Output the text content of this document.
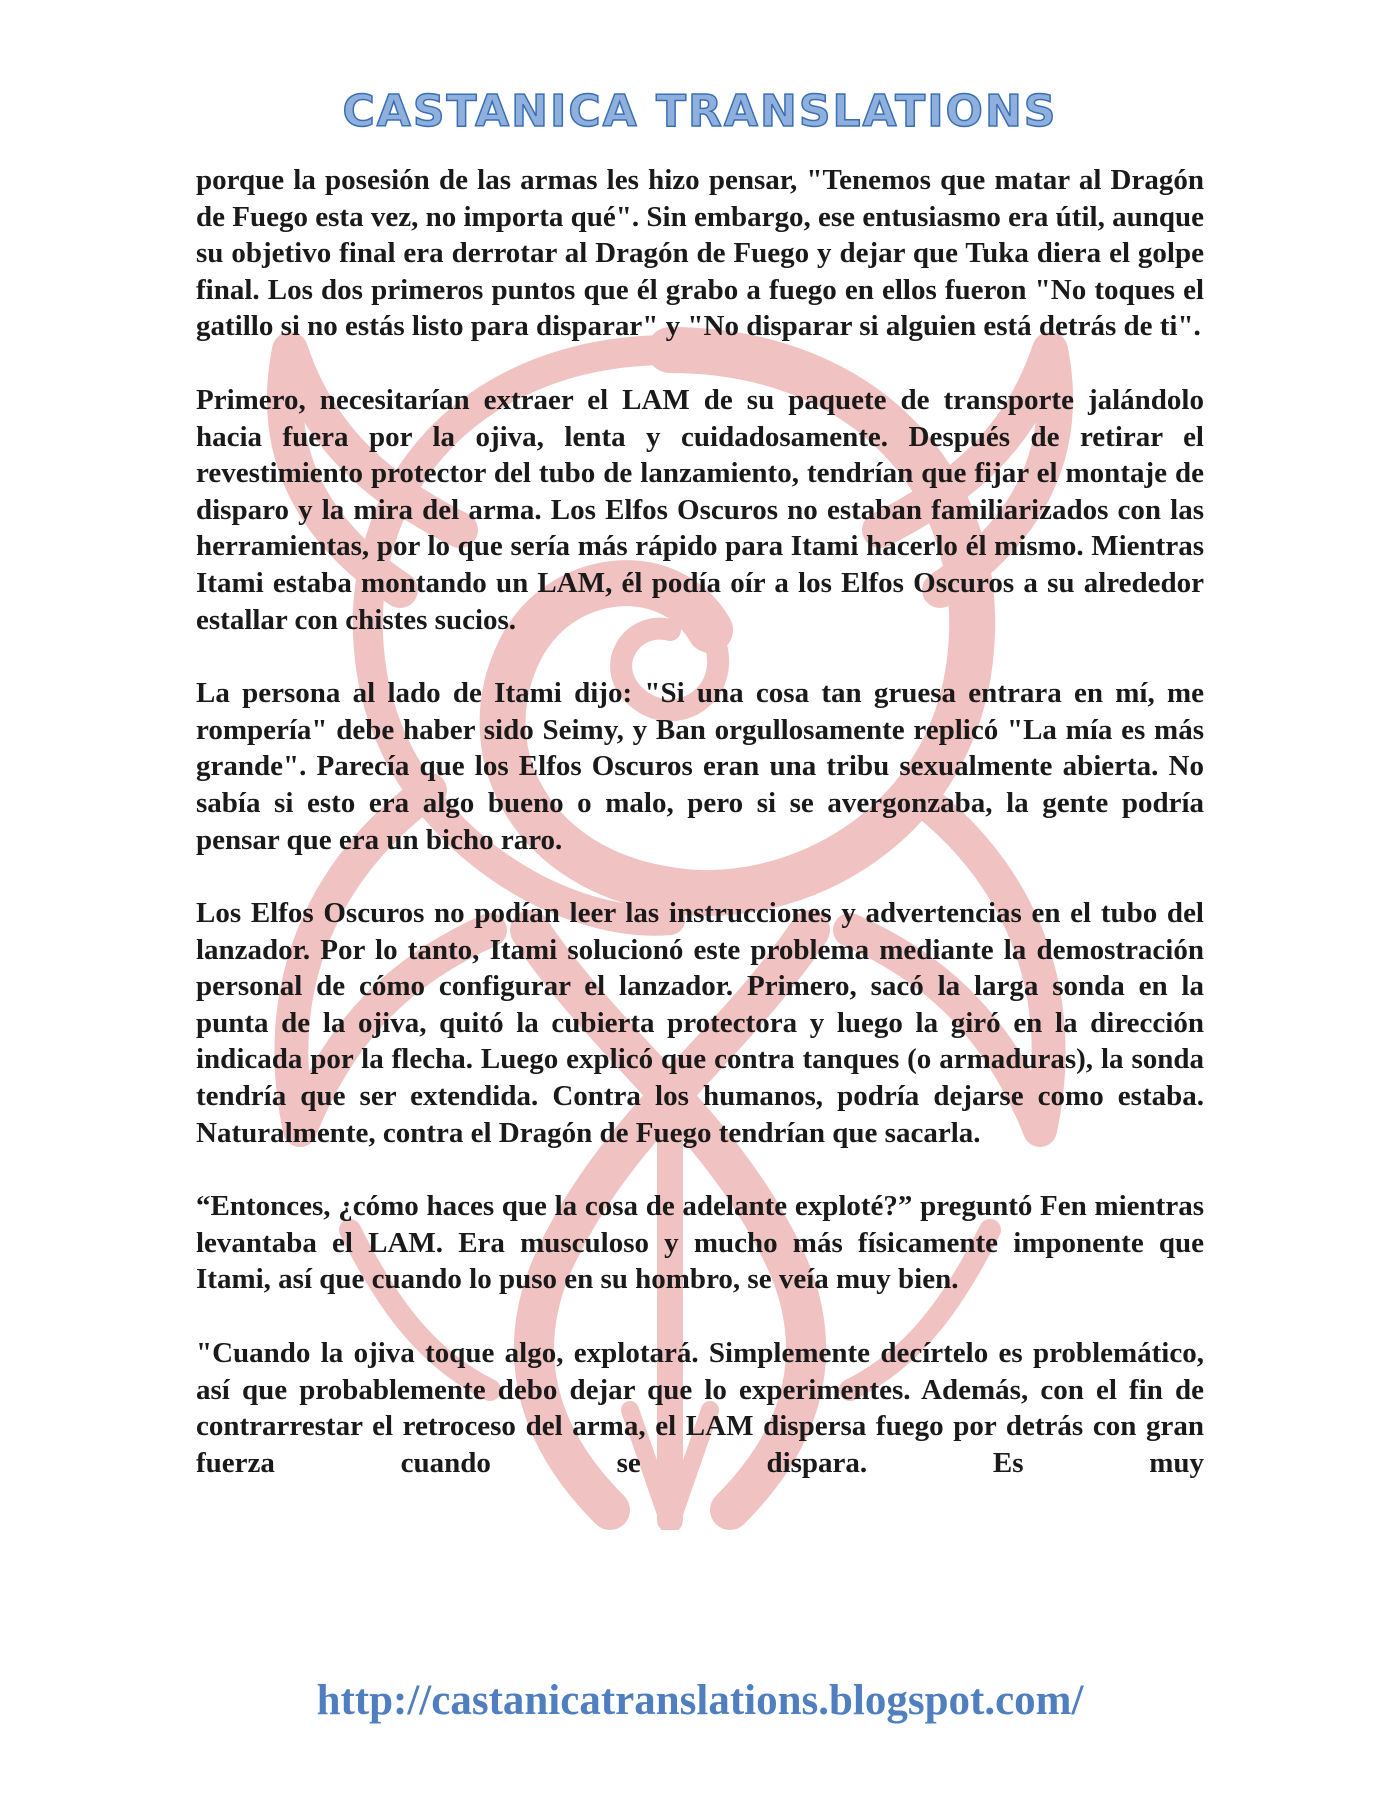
CASTANICA TRANSLATIONS

porque la posesión de las armas les hizo pensar, "Tenemos que matar al Dragón de Fuego esta vez, no importa qué". Sin embargo, ese entusiasmo era útil, aunque su objetivo final era derrotar al Dragón de Fuego y dejar que Tuka diera el golpe final. Los dos primeros puntos que él grabo a fuego en ellos fueron "No toques el gatillo si no estás listo para disparar" y "No disparar si alguien está detrás de ti".

Primero, necesitarían extraer el LAM de su paquete de transporte jalándolo hacia fuera por la ojiva, lenta y cuidadosamente. Después de retirar el revestimiento protector del tubo de lanzamiento, tendrían que fijar el montaje de disparo y la mira del arma. Los Elfos Oscuros no estaban familiarizados con las herramientas, por lo que sería más rápido para Itami hacerlo él mismo. Mientras Itami estaba montando un LAM, él podía oír a los Elfos Oscuros a su alrededor estallar con chistes sucios.

La persona al lado de Itami dijo: "Si una cosa tan gruesa entrara en mí, me rompería" debe haber sido Seimy, y Ban orgullosamente replicó "La mía es más grande". Parecía que los Elfos Oscuros eran una tribu sexualmente abierta. No sabía si esto era algo bueno o malo, pero si se avergonzaba, la gente podría pensar que era un bicho raro.

Los Elfos Oscuros no podían leer las instrucciones y advertencias en el tubo del lanzador. Por lo tanto, Itami solucionó este problema mediante la demostración personal de cómo configurar el lanzador. Primero, sacó la larga sonda en la punta de la ojiva, quitó la cubierta protectora y luego la giró en la dirección indicada por la flecha. Luego explicó que contra tanques (o armaduras), la sonda tendría que ser extendida. Contra los humanos, podría dejarse como estaba. Naturalmente, contra el Dragón de Fuego tendrían que sacarla.

“Entonces, ¿cómo haces que la cosa de adelante exploté?” preguntó Fen mientras levantaba el LAM. Era musculoso y mucho más físicamente imponente que Itami, así que cuando lo puso en su hombro, se veía muy bien.

"Cuando la ojiva toque algo, explotará. Simplemente decírtelo es problemático, así que probablemente debo dejar que lo experimentes. Además, con el fin de contrarrestar el retroceso del arma, el LAM dispersa fuego por detrás con gran fuerza cuando se dispara. Es muy

http://castanicatranslations.blogspot.com/
